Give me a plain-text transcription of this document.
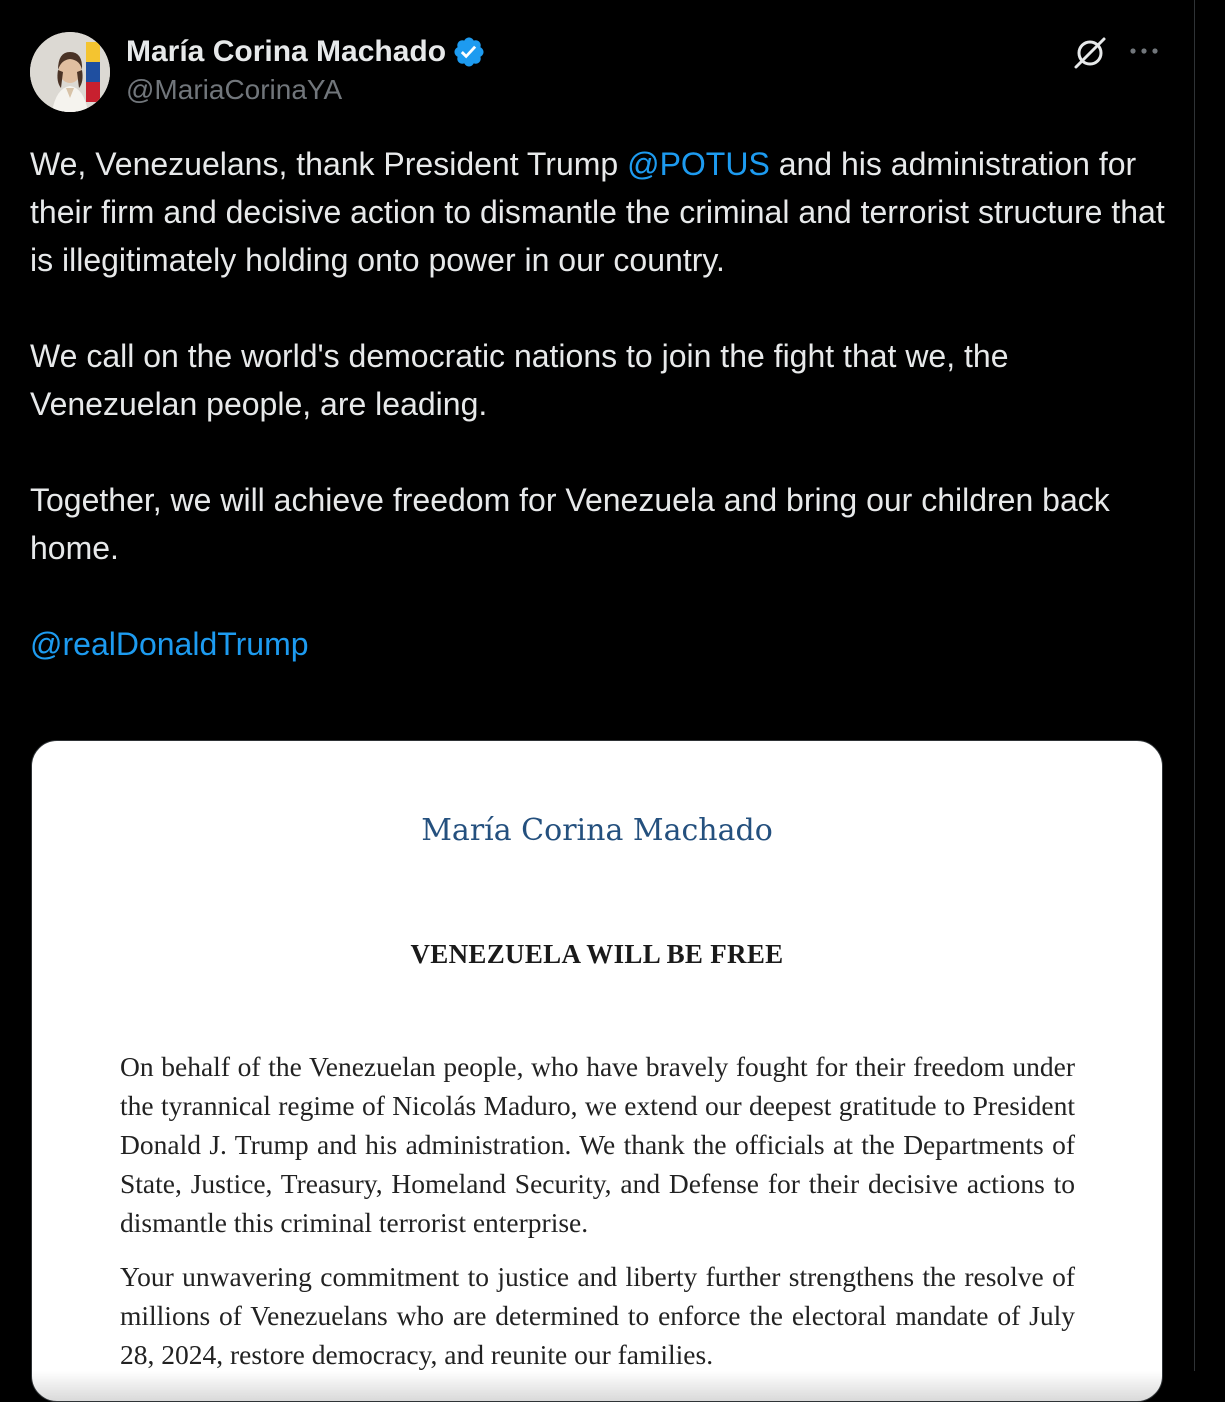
María Corina Machado
@MariaCorinaYA

We, Venezuelans, thank President Trump @POTUS and his administration for their firm and decisive action to dismantle the criminal and terrorist structure that is illegitimately holding onto power in our country.

We call on the world's democratic nations to join the fight that we, the Venezuelan people, are leading.

Together, we will achieve freedom for Venezuela and bring our children back home.

@realDonaldTrump

María Corina Machado
VENEZUELA WILL BE FREE

On behalf of the Venezuelan people, who have bravely fought for their freedom under the tyrannical regime of Nicolás Maduro, we extend our deepest gratitude to President Donald J. Trump and his administration. We thank the officials at the Departments of State, Justice, Treasury, Homeland Security, and Defense for their decisive actions to dismantle this criminal terrorist enterprise.

Your unwavering commitment to justice and liberty further strengthens the resolve of millions of Venezuelans who are determined to enforce the electoral mandate of July 28, 2024, restore democracy, and reunite our families.
